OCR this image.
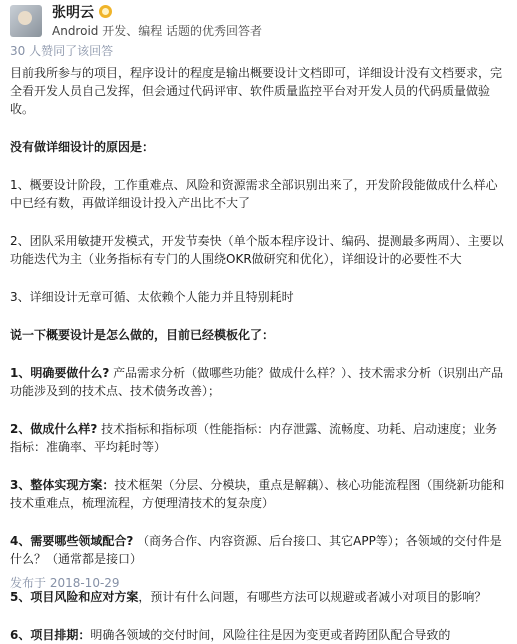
张明云
Android 开发、编程 话题的优秀回答者
30 人赞同了该回答

目前我所参与的项目，程序设计的程度是输出概要设计文档即可，详细设计没有文档要求，完全看开发人员自己发挥，但会通过代码评审、软件质量监控平台对开发人员的代码质量做验收。

没有做详细设计的原因是：

1、概要设计阶段，工作重难点、风险和资源需求全部识别出来了，开发阶段能做成什么样心中已经有数，再做详细设计投入产出比不大了

2、团队采用敏捷开发模式，开发节奏快（单个版本程序设计、编码、提测最多两周）、主要以功能迭代为主（业务指标有专门的人围绕OKR做研究和优化），详细设计的必要性不大

3、详细设计无章可循、太依赖个人能力并且特别耗时

说一下概要设计是怎么做的，目前已经模板化了：

1、明确要做什么? 产品需求分析（做哪些功能？做成什么样？）、技术需求分析（识别出产品功能涉及到的技术点、技术债务改善）；

2、做成什么样? 技术指标和指标项（性能指标：内存泄露、流畅度、功耗、启动速度；业务指标：准确率、平均耗时等）

3、整体实现方案：技术框架（分层、分模块，重点是解藕）、核心功能流程图（围绕新功能和技术重难点，梳理流程，方便理清技术的复杂度）

4、需要哪些领域配合? （商务合作、内容资源、后台接口、其它APP等）；各领域的交付件是什么？（通常都是接口）

5、项目风险和应对方案，预计有什么问题，有哪些方法可以规避或者减小对项目的影响？

6、项目排期：明确各领域的交付时间，风险往往是因为变更或者跨团队配合导致的

发布于 2018-10-29
